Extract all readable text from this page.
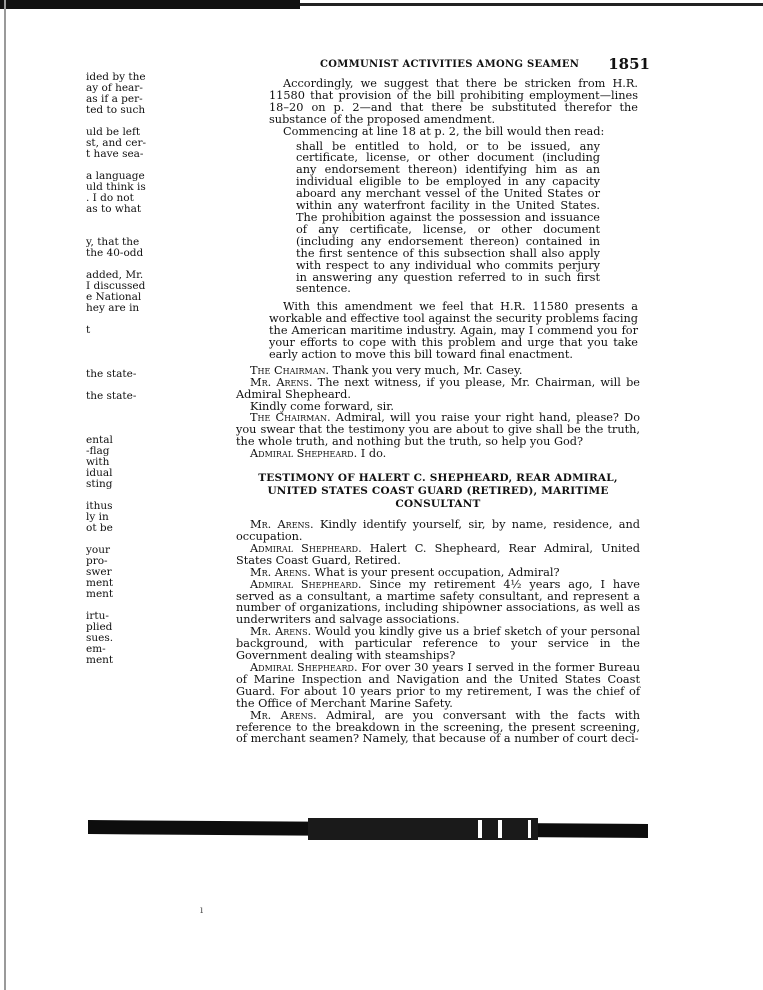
COMMUNIST ACTIVITIES AMONG SEAMEN 1851
ided by the
ay of hear-
as if a per-
ted to such
uld be left
st, and cer-
t have sea-
a language
uld think is
. I do not
as to what
y, that the
the 40-odd
added, Mr.
I discussed
e National
hey are in
t
the state-
the state-
ental
-flag
with
idual
sting
ithus
ly in
ot be
your
pro-
swer
ment
ment
irtu-
plied
sues.
em-
ment

Accordingly, we suggest that there be stricken from H.R. 11580 that provision of the bill prohibiting employment—lines 18–20 on p. 2—and that there be substituted therefor the substance of the proposed amendment.

Commencing at line 18 at p. 2, the bill would then read:

shall be entitled to hold, or to be issued, any certificate, license, or other document (including any endorsement thereon) identifying him as an individual eligible to be employed in any capacity aboard any merchant vessel of the United States or within any waterfront facility in the United States. The prohibition against the possession and issuance of any certificate, license, or other document (including any endorsement thereon) contained in the first sentence of this subsection shall also apply with respect to any individual who commits perjury in answering any question referred to in such first sentence.

With this amendment we feel that H.R. 11580 presents a workable and effective tool against the security problems facing the American maritime industry. Again, may I commend you for your efforts to cope with this problem and urge that you take early action to move this bill toward final enactment.

The Chairman. Thank you very much, Mr. Casey.

Mr. Arens. The next witness, if you please, Mr. Chairman, will be Admiral Shepheard.

Kindly come forward, sir.

The Chairman. Admiral, will you raise your right hand, please? Do you swear that the testimony you are about to give shall be the truth, the whole truth, and nothing but the truth, so help you God?

Admiral Shepheard. I do.

TESTIMONY OF HALERT C. SHEPHEARD, REAR ADMIRAL, UNITED STATES COAST GUARD (RETIRED), MARITIME CONSULTANT

Mr. Arens. Kindly identify yourself, sir, by name, residence, and occupation.

Admiral Shepheard. Halert C. Shepheard, Rear Admiral, United States Coast Guard, Retired.

Mr. Arens. What is your present occupation, Admiral?

Admiral Shepheard. Since my retirement 4½ years ago, I have served as a consultant, a martime safety consultant, and represent a number of organizations, including shipowner associations, as well as underwriters and salvage associations.

Mr. Arens. Would you kindly give us a brief sketch of your personal background, with particular reference to your service in the Government dealing with steamships?

Admiral Shepheard. For over 30 years I served in the former Bureau of Marine Inspection and Navigation and the United States Coast Guard. For about 10 years prior to my retirement, I was the chief of the Office of Merchant Marine Safety.

Mr. Arens. Admiral, are you conversant with the facts with reference to the breakdown in the screening, the present screening, of merchant seamen? Namely, that because of a number of court deci-

ı
